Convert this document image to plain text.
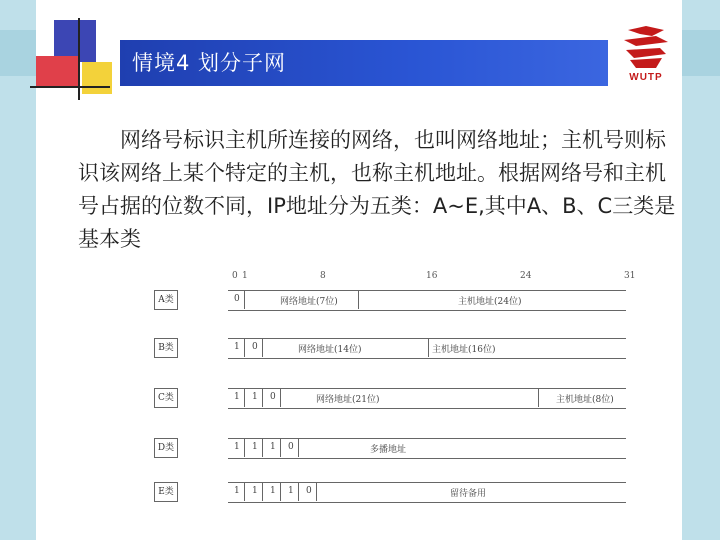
情境4 划分子网
WUTP

网络号标识主机所连接的网络，也叫网络地址；主机号则标识该网络上某个特定的主机，也称主机地址。根据网络号和主机号占据的位数不同，IP地址分为五类：A~E,其中A、B、C三类是基本类

0 1	8	16	24	31
A类	0	网络地址(7位)	主机地址(24位)
B类	1 0	网络地址(14位)	主机地址(16位)
C类	1 1 0	网络地址(21位)	主机地址(8位)
D类	1 1 1 0	多播地址
E类	1 1 1 1 0	留待备用
